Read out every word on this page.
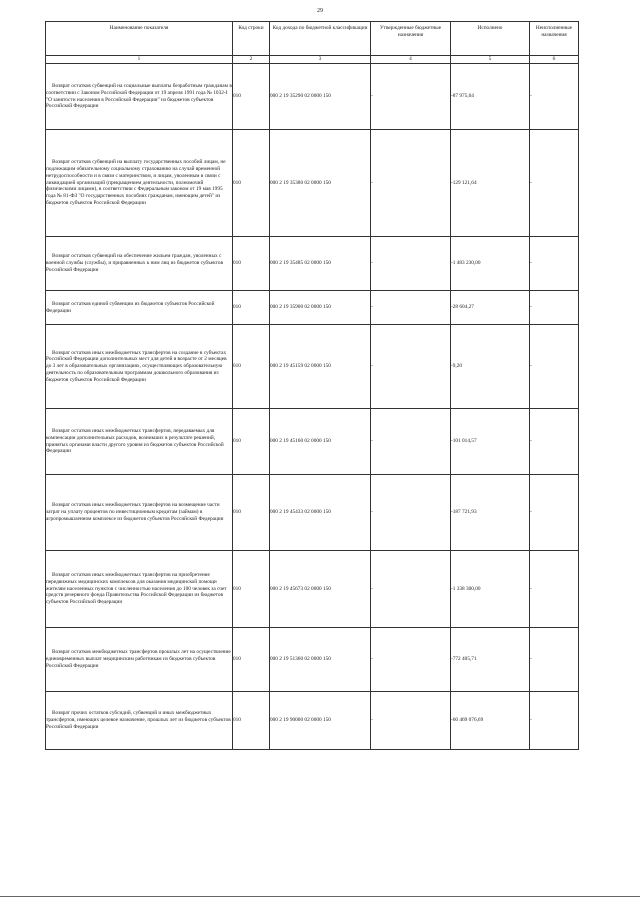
29
Наименование показателя	Код строки	Код дохода по бюджетной классификации	Утвержденные бюджетные назначения	Исполнено	Неисполненные назначения
1	2	3	4	5	6

Возврат остатков субвенций на социальные выплаты безработным гражданам в соответствии с Законом Российской Федерации от 19 апреля 1991 года № 1032-I "О занятости населения в Российской Федерации" из бюджетов субъектов Российской Федерации	010	000 2 19 35290 02 0000 150	-	-87 975,04	-

Возврат остатков субвенций на выплату государственных пособий лицам, не подлежащим обязательному социальному страхованию на случай временной нетрудоспособности и в связи с материнством, и лицам, уволенным в связи с ликвидацией организаций (прекращением деятельности, полномочий физическими лицами), в соответствии с Федеральным законом от 19 мая 1995 года № 81-ФЗ "О государственных пособиях гражданам, имеющим детей" из бюджетов субъектов Российской Федерации	010	000 2 19 35380 02 0000 150	-	-129 121,64	-

Возврат остатков субвенций на обеспечение жильем граждан, уволенных с военной службы (службы), и приравненных к ним лиц из бюджетов субъектов Российской Федерации	010	000 2 19 35485 02 0000 150	-	-1 483 230,00	-

Возврат остатков единой субвенции из бюджетов субъектов Российской Федерации	010	000 2 19 35900 02 0000 150	-	-28 604,27	-

Возврат остатков иных межбюджетных трансфертов на создание в субъектах Российской Федерации дополнительных мест для детей в возрасте от 2 месяцев до 3 лет в образовательных организациях, осуществляющих образовательную деятельность по образовательным программам дошкольного образования из бюджетов субъектов Российской Федерации	010	000 2 19 45159 02 0000 150	-	-9,20	-

Возврат остатков иных межбюджетных трансфертов, передаваемых для компенсации дополнительных расходов, возникших в результате решений, принятых органами власти другого уровня из бюджетов субъектов Российской Федерации	010	000 2 19 45160 02 0000 150	-	-101 014,57	-

Возврат остатков иных межбюджетных трансфертов на возмещение части затрат на уплату процентов по инвестиционным кредитам (займам) в агропромышленном комплексе из бюджетов субъектов Российской Федерации	010	000 2 19 45433 02 0000 150	-	-187 721,93	-

Возврат остатков иных межбюджетных трансфертов на приобретение передвижных медицинских комплексов для оказания медицинской помощи жителям населенных пунктов с численностью населения до 100 человек за счет средств резервного фонда Правительства Российской Федерации из бюджетов субъектов Российской Федерации	010	000 2 19 45673 02 0000 150	-	-1 338 300,00	-

Возврат остатков межбюджетных трансфертов прошлых лет на осуществление единовременных выплат медицинским работникам из бюджетов субъектов Российской Федерации	010	000 2 19 51360 02 0000 150	-	-772 405,71	-

Возврат прочих остатков субсидий, субвенций и иных межбюджетных трансфертов, имеющих целевое назначение, прошлых лет из бюджетов субъектов Российской Федерации	010	000 2 19 90000 02 0000 150	-	-60 469 076,69	-
